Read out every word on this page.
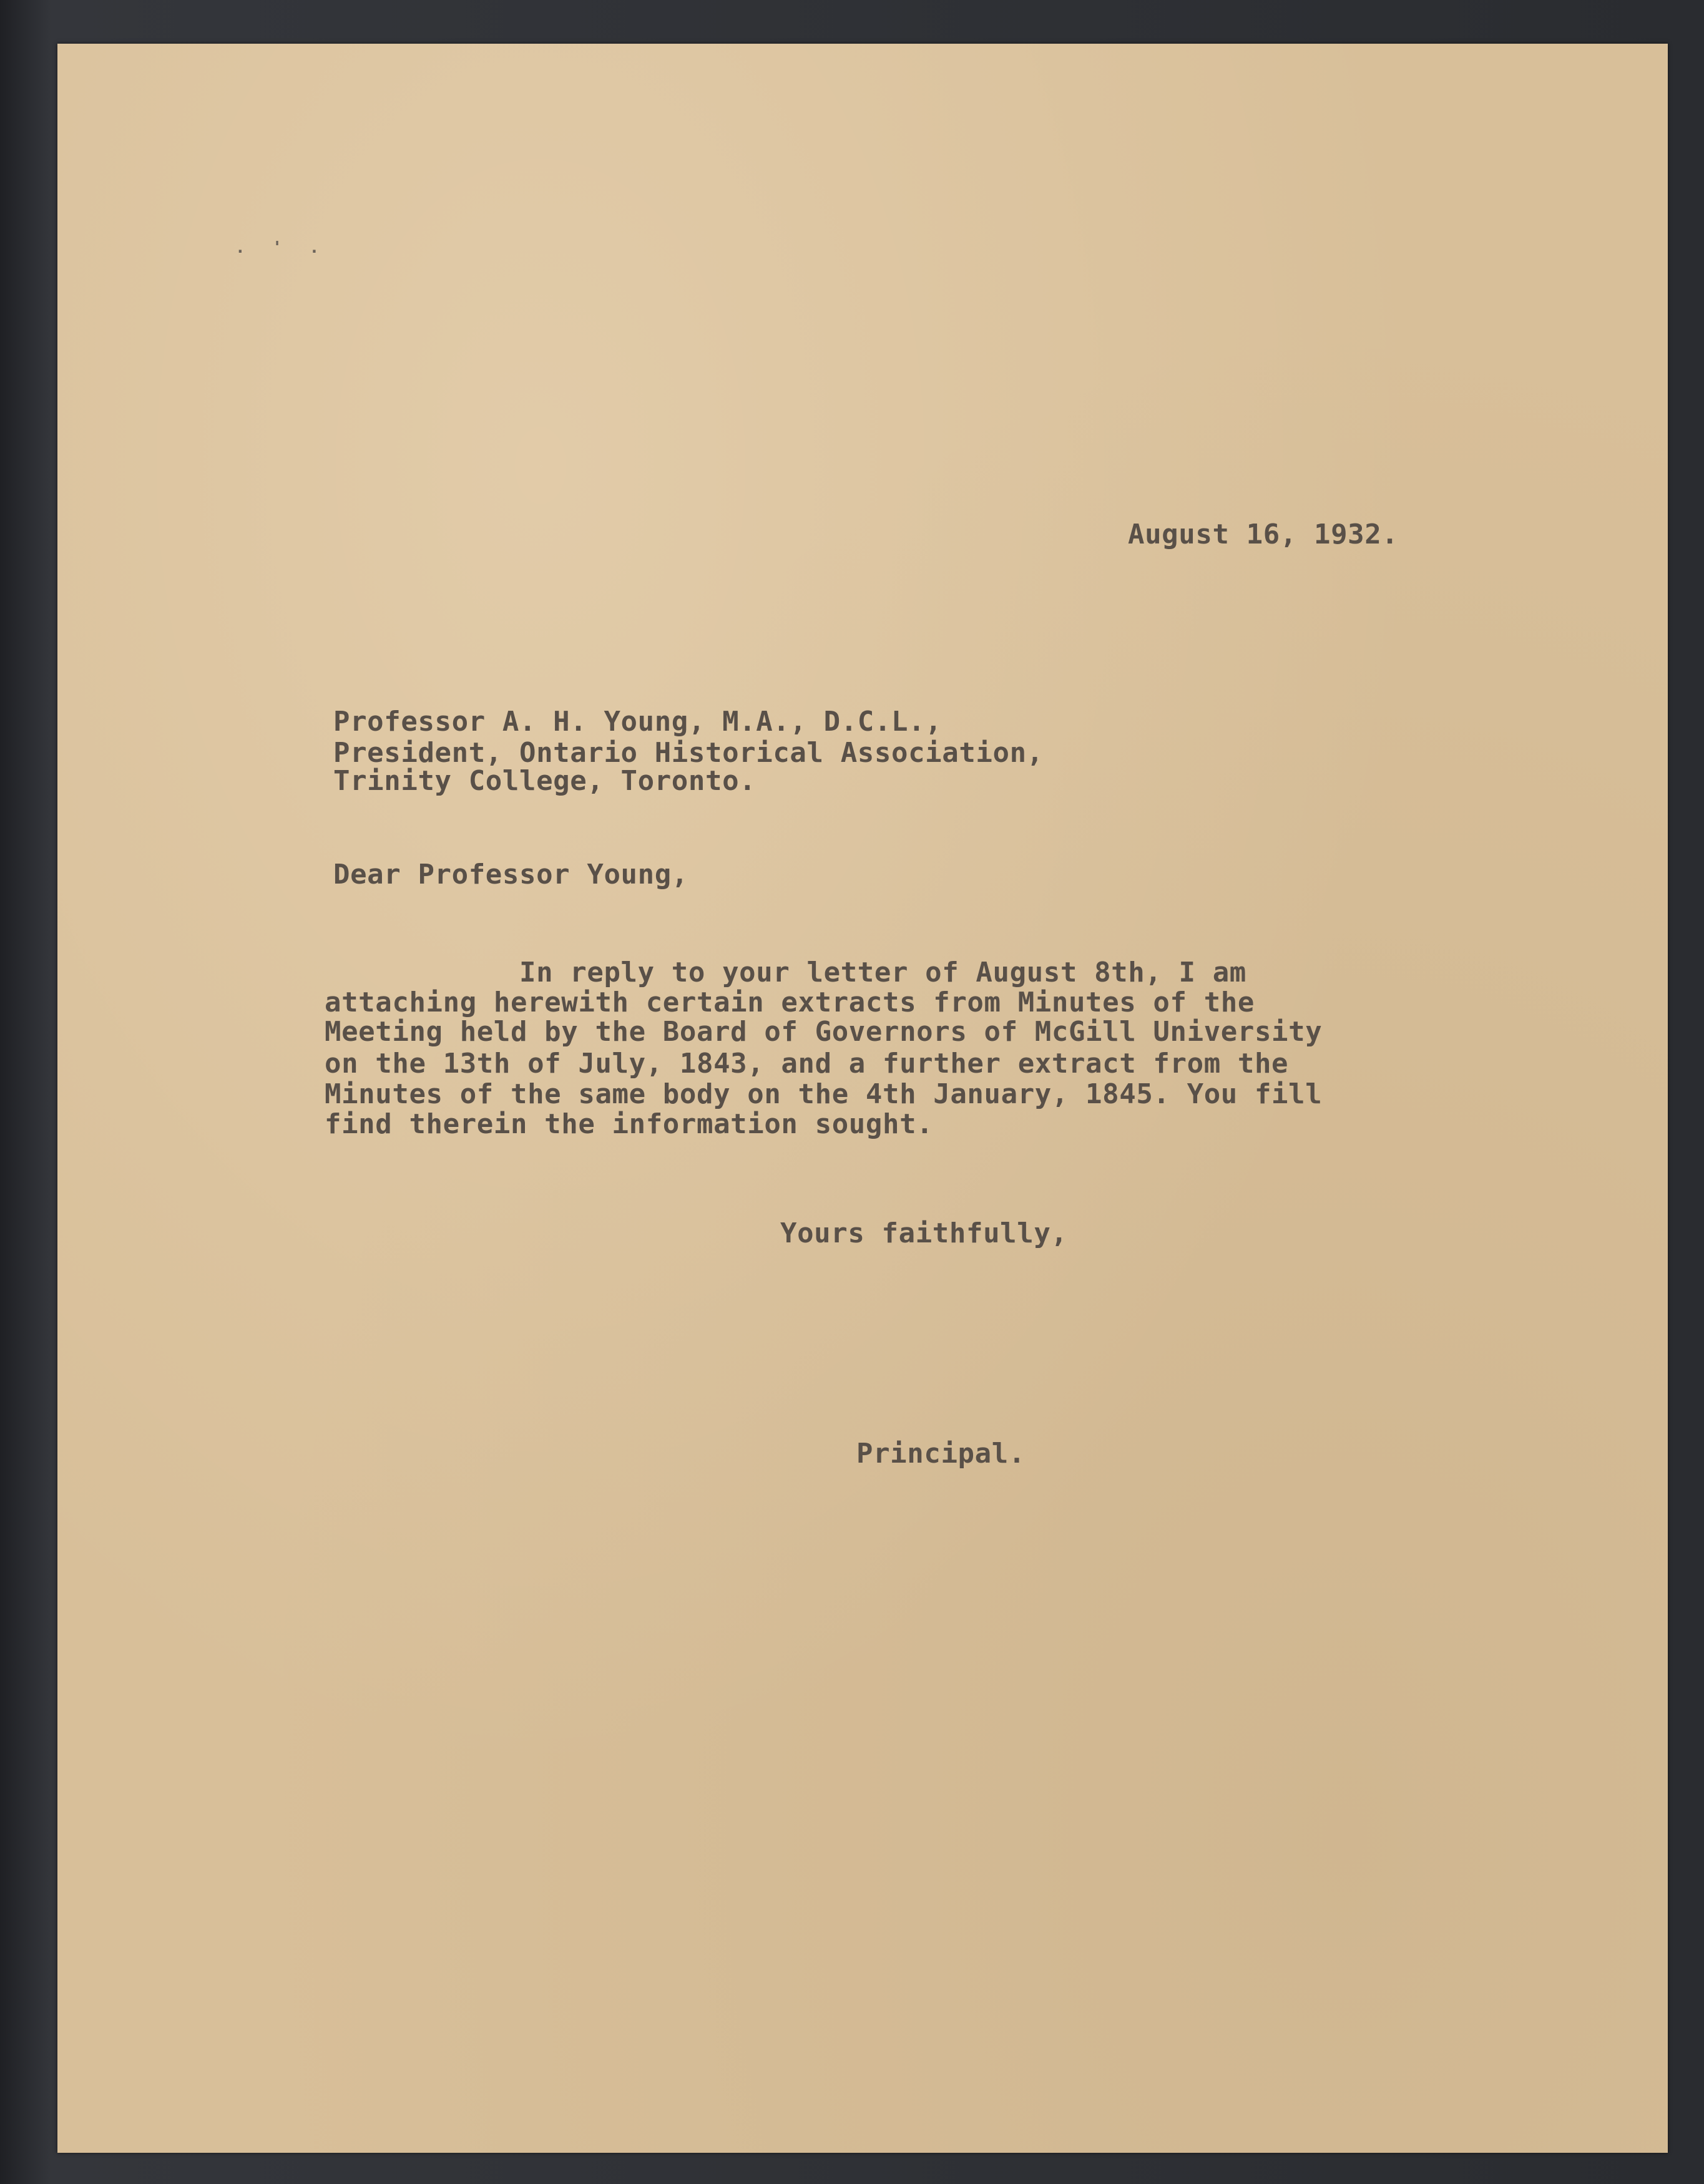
. ' .

August 16, 1932.

Professor A. H. Young, M.A., D.C.L.,

President, Ontario Historical Association,

Trinity College, Toronto.

Dear Professor Young,

In reply to your letter of August 8th, I am

attaching herewith certain extracts from Minutes of the

Meeting held by the Board of Governors of McGill University

on the 13th of July, 1843, and a further extract from the

Minutes of the same body on the 4th January, 1845. You fill

find therein the information sought.

Yours faithfully,

Principal.
